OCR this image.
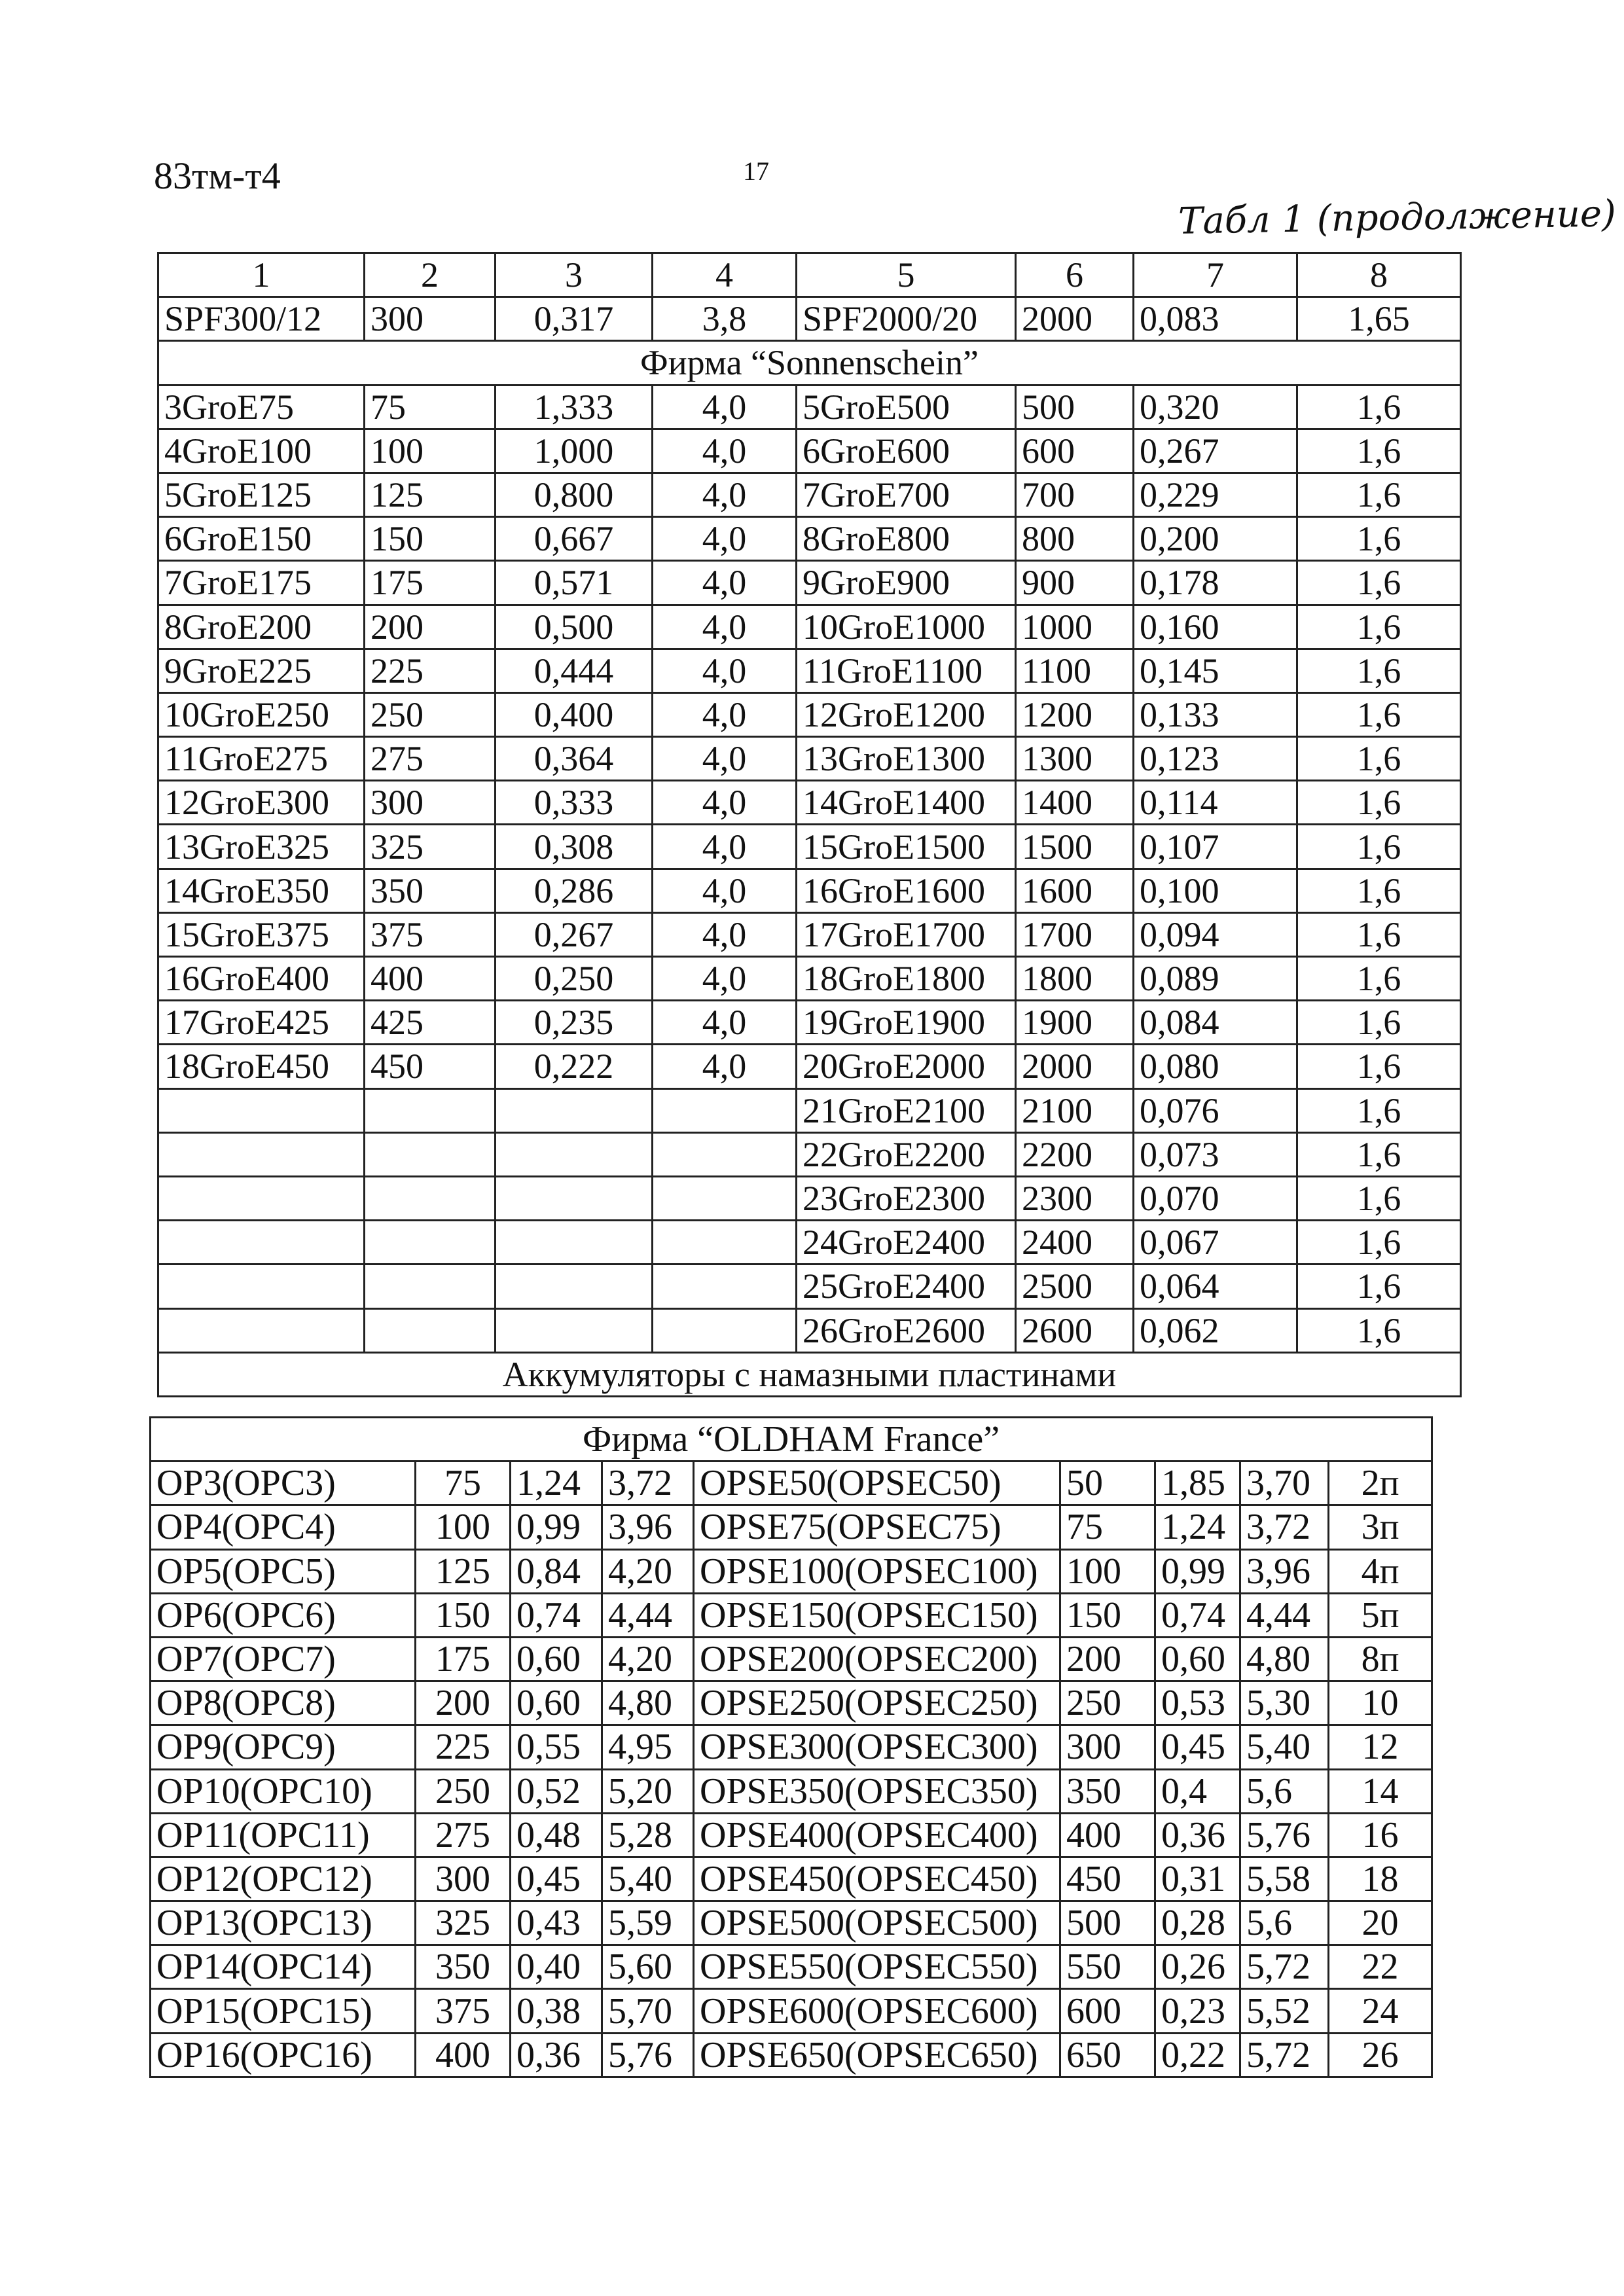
83тм-т4	17
Табл 1 (продолжение)
1	2	3	4	5	6	7	8
SPF300/12	300	0,317	3,8	SPF2000/20	2000	0,083	1,65
Фирма “Sonnenschein”							
3GroE75	75	1,333	4,0	5GroE500	500	0,320	1,6
4GroE100	100	1,000	4,0	6GroE600	600	0,267	1,6
5GroE125	125	0,800	4,0	7GroE700	700	0,229	1,6
6GroE150	150	0,667	4,0	8GroE800	800	0,200	1,6
7GroE175	175	0,571	4,0	9GroE900	900	0,178	1,6
8GroE200	200	0,500	4,0	10GroE1000	1000	0,160	1,6
9GroE225	225	0,444	4,0	11GroE1100	1100	0,145	1,6
10GroE250	250	0,400	4,0	12GroE1200	1200	0,133	1,6
11GroE275	275	0,364	4,0	13GroE1300	1300	0,123	1,6
12GroE300	300	0,333	4,0	14GroE1400	1400	0,114	1,6
13GroE325	325	0,308	4,0	15GroE1500	1500	0,107	1,6
14GroE350	350	0,286	4,0	16GroE1600	1600	0,100	1,6
15GroE375	375	0,267	4,0	17GroE1700	1700	0,094	1,6
16GroE400	400	0,250	4,0	18GroE1800	1800	0,089	1,6
17GroE425	425	0,235	4,0	19GroE1900	1900	0,084	1,6
18GroE450	450	0,222	4,0	20GroE2000	2000	0,080	1,6
				21GroE2100	2100	0,076	1,6
				22GroE2200	2200	0,073	1,6
				23GroE2300	2300	0,070	1,6
				24GroE2400	2400	0,067	1,6
				25GroE2400	2500	0,064	1,6
				26GroE2600	2600	0,062	1,6
Аккумуляторы с намазными пластинами							
Фирма “OLDHAM France”								
OP3(OPC3)	75	1,24	3,72	OPSE50(OPSEC50)	50	1,85	3,70	2п
OP4(OPC4)	100	0,99	3,96	OPSE75(OPSEC75)	75	1,24	3,72	3п
OP5(OPC5)	125	0,84	4,20	OPSE100(OPSEC100)	100	0,99	3,96	4п
OP6(OPC6)	150	0,74	4,44	OPSE150(OPSEC150)	150	0,74	4,44	5п
OP7(OPC7)	175	0,60	4,20	OPSE200(OPSEC200)	200	0,60	4,80	8п
OP8(OPC8)	200	0,60	4,80	OPSE250(OPSEC250)	250	0,53	5,30	10
OP9(OPC9)	225	0,55	4,95	OPSE300(OPSEC300)	300	0,45	5,40	12
OP10(OPC10)	250	0,52	5,20	OPSE350(OPSEC350)	350	0,4	5,6	14
OP11(OPC11)	275	0,48	5,28	OPSE400(OPSEC400)	400	0,36	5,76	16
OP12(OPC12)	300	0,45	5,40	OPSE450(OPSEC450)	450	0,31	5,58	18
OP13(OPC13)	325	0,43	5,59	OPSE500(OPSEC500)	500	0,28	5,6	20
OP14(OPC14)	350	0,40	5,60	OPSE550(OPSEC550)	550	0,26	5,72	22
OP15(OPC15)	375	0,38	5,70	OPSE600(OPSEC600)	600	0,23	5,52	24
OP16(OPC16)	400	0,36	5,76	OPSE650(OPSEC650)	650	0,22	5,72	26
